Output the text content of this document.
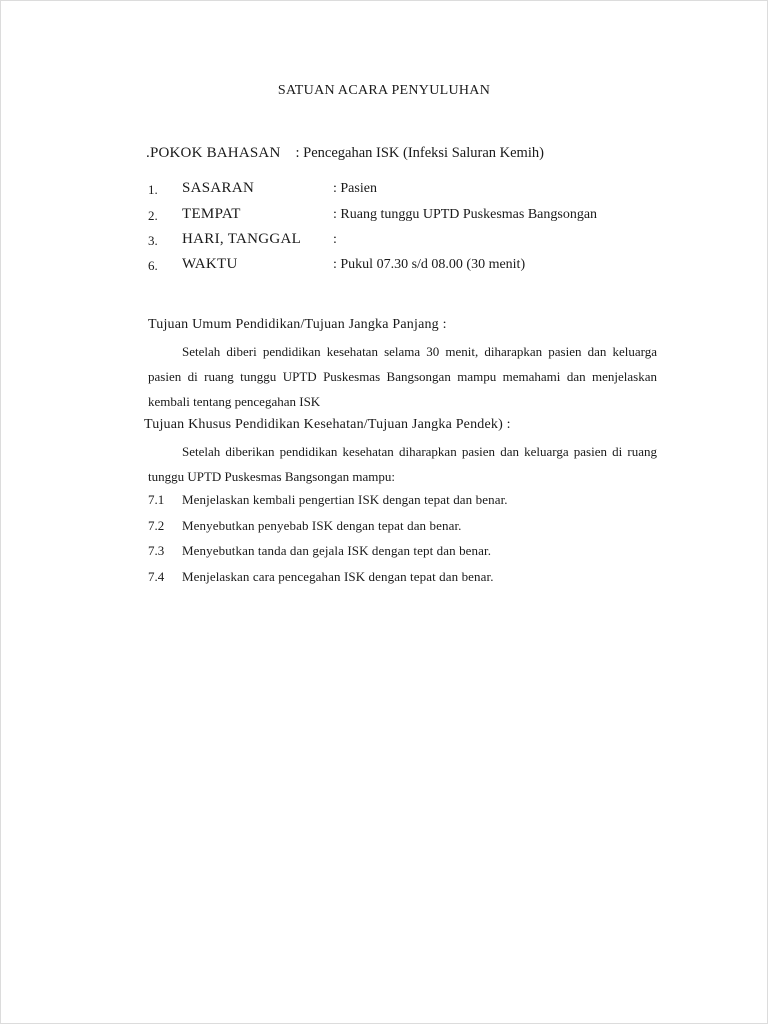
SATUAN ACARA PENYULUHAN
.POKOK BAHASAN : Pencegahan ISK (Infeksi Saluran Kemih)
1. SASARAN	: Pasien
2. TEMPAT	: Ruang tunggu UPTD Puskesmas Bangsongan
3. HARI, TANGGAL :
6. WAKTU	: Pukul 07.30 s/d 08.00 (30 menit)
Tujuan Umum Pendidikan/Tujuan Jangka Panjang :

Setelah diberi pendidikan kesehatan selama 30 menit, diharapkan pasien dan keluarga pasien di ruang tunggu UPTD Puskesmas Bangsongan mampu memahami dan menjelaskan kembali tentang pencegahan ISK

Tujuan Khusus Pendidikan Kesehatan/Tujuan Jangka Pendek) :

Setelah diberikan pendidikan kesehatan diharapkan pasien dan keluarga pasien di ruang tunggu UPTD Puskesmas Bangsongan mampu:

7.1 Menjelaskan kembali pengertian ISK dengan tepat dan benar.
7.2 Menyebutkan penyebab ISK dengan tepat dan benar.
7.3 Menyebutkan tanda dan gejala ISK dengan tept dan benar.
7.4 Menjelaskan cara pencegahan ISK dengan tepat dan benar.
